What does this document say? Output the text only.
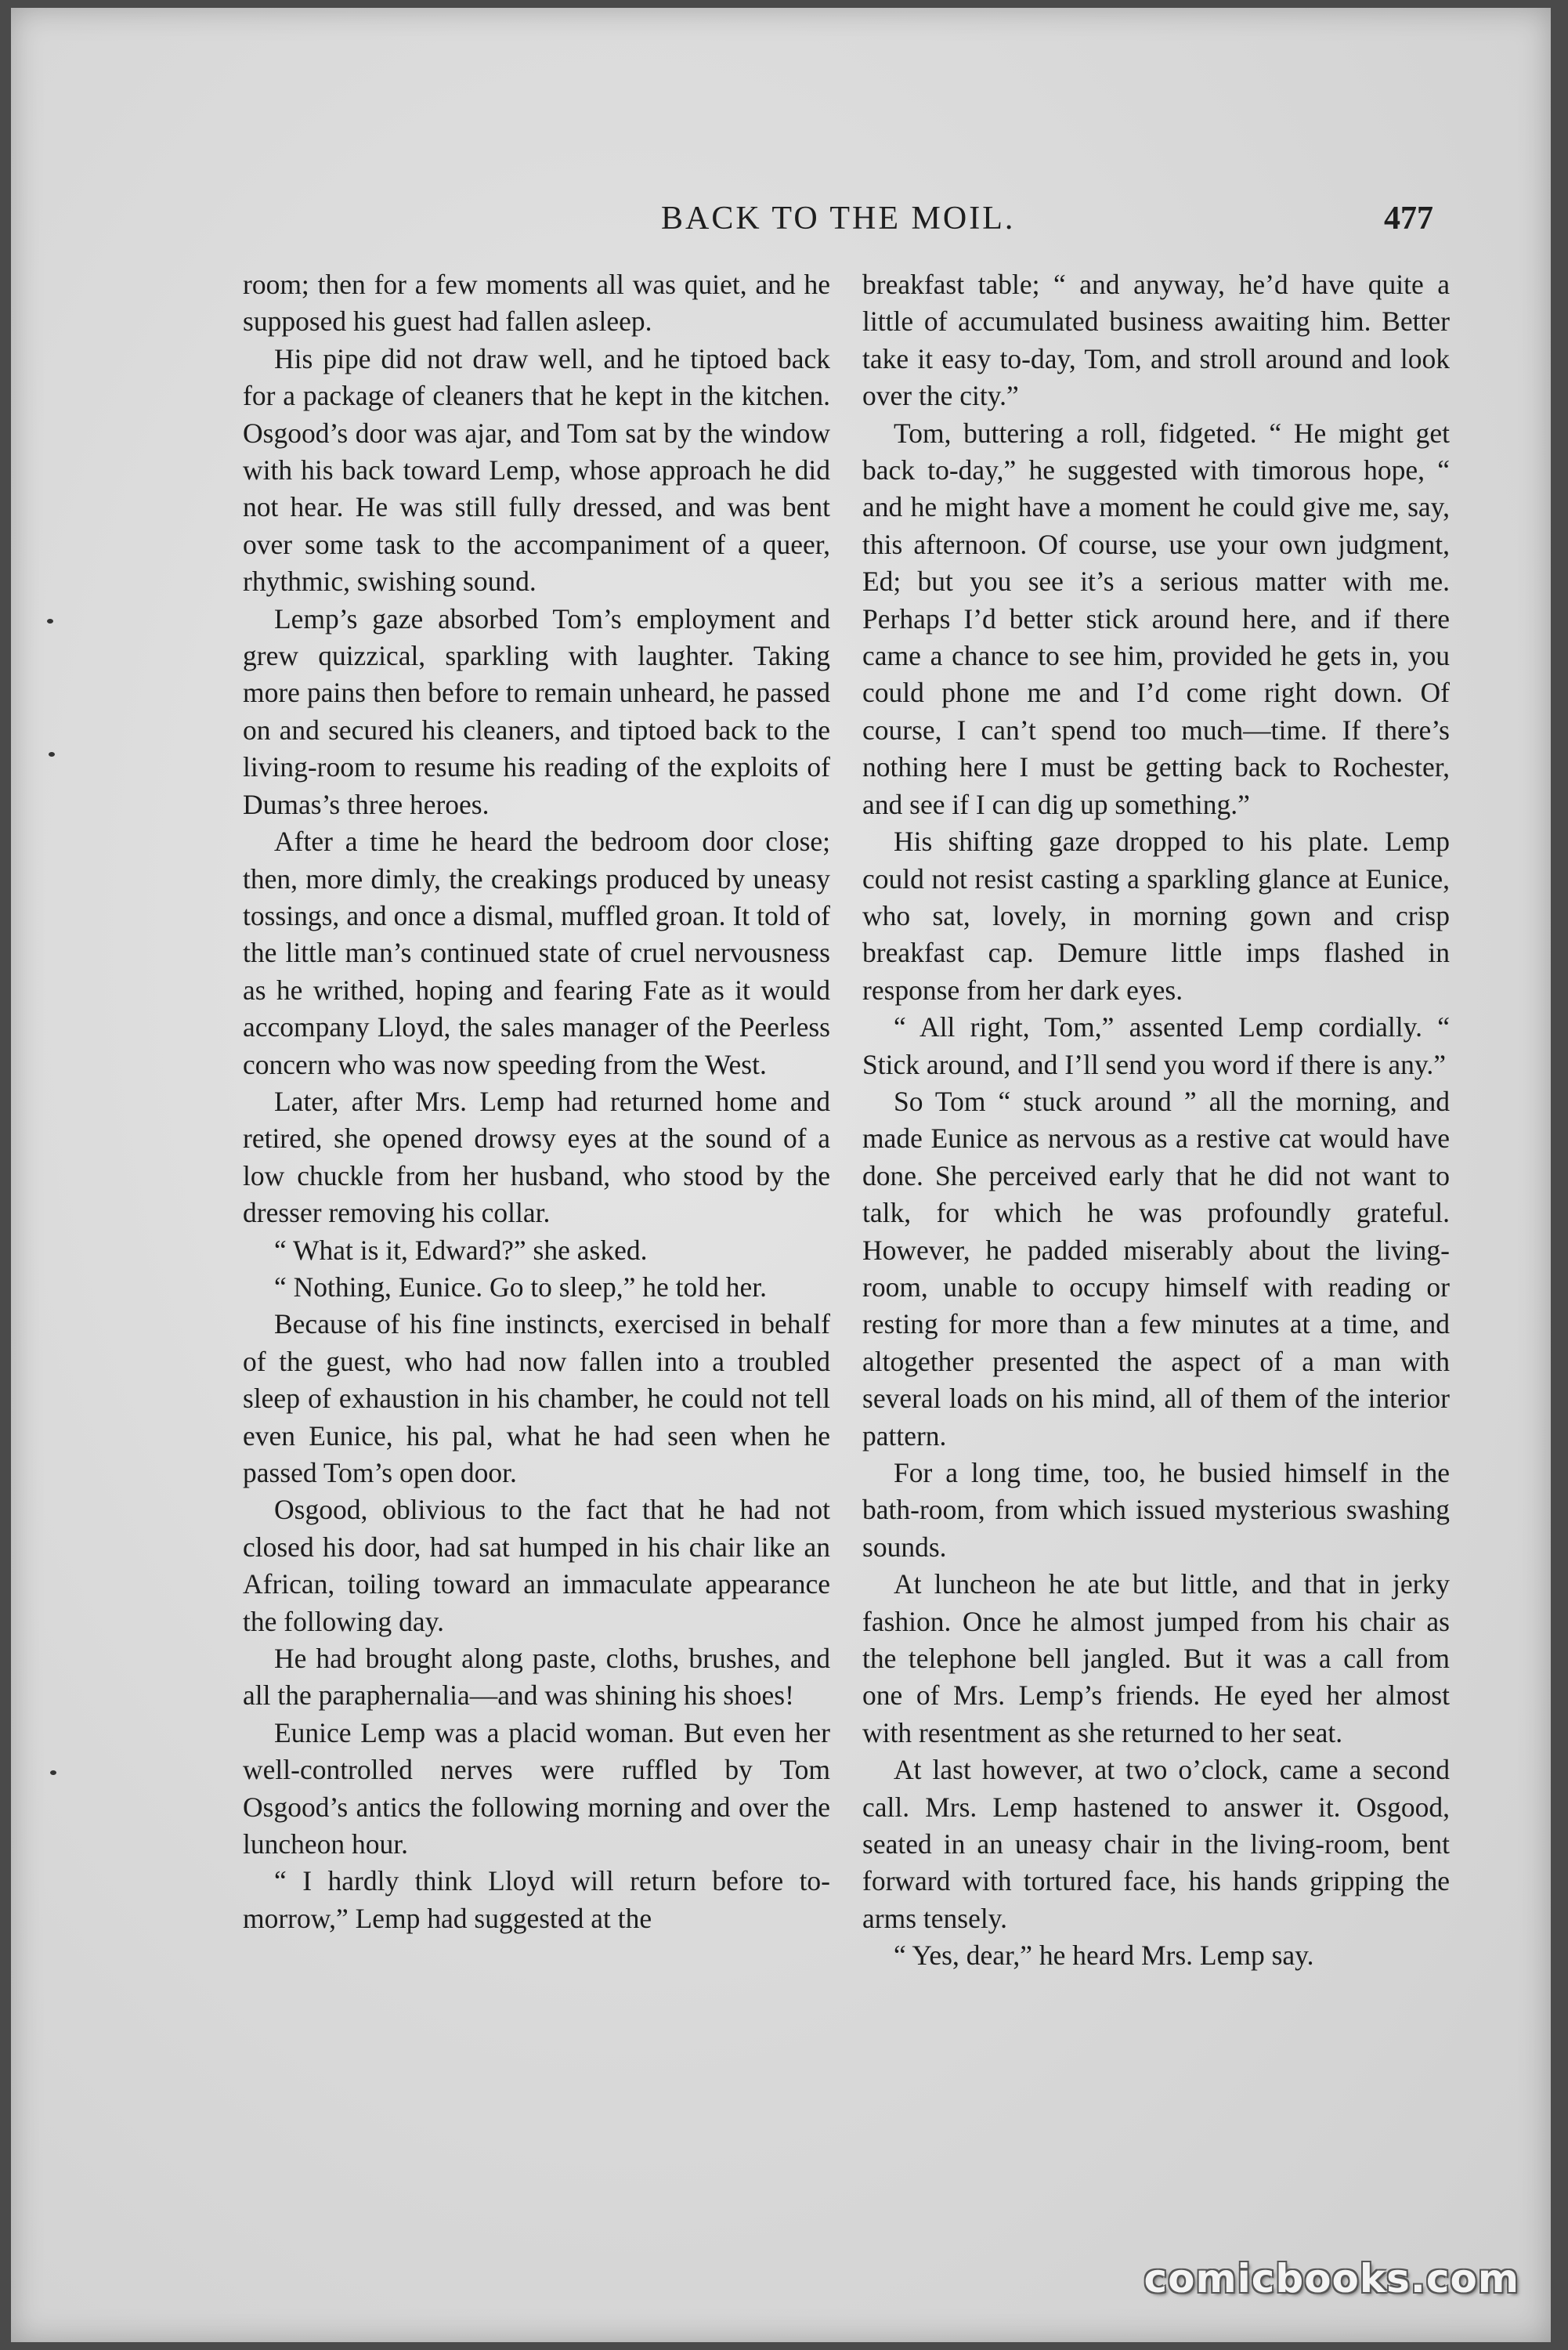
BACK TO THE MOIL.	477

room; then for a few moments all was quiet, and he supposed his guest had fallen asleep.

His pipe did not draw well, and he tiptoed back for a package of cleaners that he kept in the kitchen. Osgood’s door was ajar, and Tom sat by the window with his back toward Lemp, whose approach he did not hear. He was still fully dressed, and was bent over some task to the accompaniment of a queer, rhythmic, swishing sound.

Lemp’s gaze absorbed Tom’s employment and grew quizzical, sparkling with laughter. Taking more pains then before to remain unheard, he passed on and secured his cleaners, and tiptoed back to the living-room to resume his reading of the exploits of Dumas’s three heroes.

After a time he heard the bedroom door close; then, more dimly, the creakings produced by uneasy tossings, and once a dismal, muffled groan. It told of the little man’s continued state of cruel nervousness as he writhed, hoping and fearing Fate as it would accompany Lloyd, the sales manager of the Peerless concern who was now speeding from the West.

Later, after Mrs. Lemp had returned home and retired, she opened drowsy eyes at the sound of a low chuckle from her husband, who stood by the dresser removing his collar.

“ What is it, Edward?” she asked.

“ Nothing, Eunice. Go to sleep,” he told her.

Because of his fine instincts, exercised in behalf of the guest, who had now fallen into a troubled sleep of exhaustion in his chamber, he could not tell even Eunice, his pal, what he had seen when he passed Tom’s open door.

Osgood, oblivious to the fact that he had not closed his door, had sat humped in his chair like an African, toiling toward an immaculate appearance the following day.

He had brought along paste, cloths, brushes, and all the paraphernalia—and was shining his shoes!

Eunice Lemp was a placid woman. But even her well-controlled nerves were ruffled by Tom Osgood’s antics the following morning and over the luncheon hour.

“ I hardly think Lloyd will return before to-morrow,” Lemp had suggested at the

breakfast table; “ and anyway, he’d have quite a little of accumulated business awaiting him. Better take it easy to-day, Tom, and stroll around and look over the city.”

Tom, buttering a roll, fidgeted. “ He might get back to-day,” he suggested with timorous hope, “ and he might have a moment he could give me, say, this afternoon. Of course, use your own judgment, Ed; but you see it’s a serious matter with me. Perhaps I’d better stick around here, and if there came a chance to see him, provided he gets in, you could phone me and I’d come right down. Of course, I can’t spend too much—time. If there’s nothing here I must be getting back to Rochester, and see if I can dig up something.”

His shifting gaze dropped to his plate. Lemp could not resist casting a sparkling glance at Eunice, who sat, lovely, in morning gown and crisp breakfast cap. Demure little imps flashed in response from her dark eyes.

“ All right, Tom,” assented Lemp cordially. “ Stick around, and I’ll send you word if there is any.”

So Tom “ stuck around ” all the morning, and made Eunice as nervous as a restive cat would have done. She perceived early that he did not want to talk, for which he was profoundly grateful. However, he padded miserably about the living-room, unable to occupy himself with reading or resting for more than a few minutes at a time, and altogether presented the aspect of a man with several loads on his mind, all of them of the interior pattern.

For a long time, too, he busied himself in the bath-room, from which issued mysterious swashing sounds.

At luncheon he ate but little, and that in jerky fashion. Once he almost jumped from his chair as the telephone bell jangled. But it was a call from one of Mrs. Lemp’s friends. He eyed her almost with resentment as she returned to her seat.

At last however, at two o’clock, came a second call. Mrs. Lemp hastened to answer it. Osgood, seated in an uneasy chair in the living-room, bent forward with tortured face, his hands gripping the arms tensely.

“ Yes, dear,” he heard Mrs. Lemp say.

comicbooks.com
